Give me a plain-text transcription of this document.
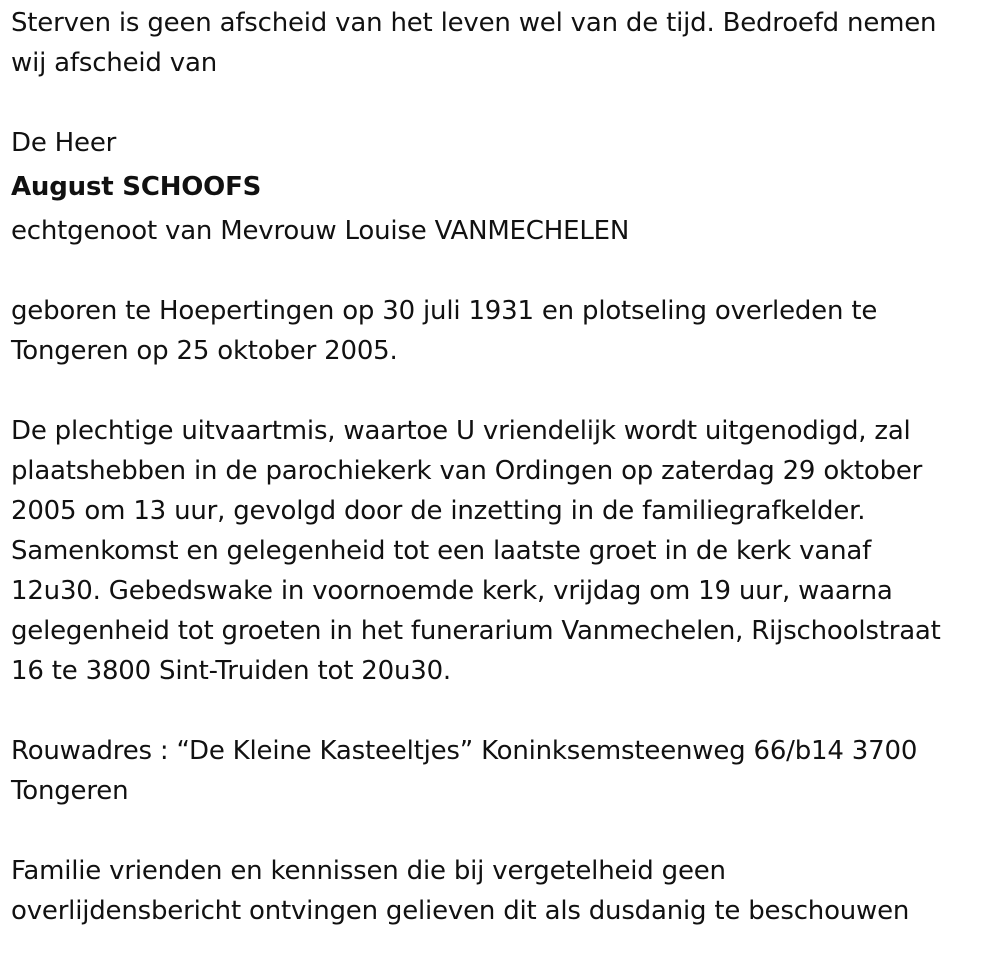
Sterven is geen afscheid van het leven wel van de tijd. Bedroefd nemen

wij afscheid van

De Heer

August SCHOOFS

echtgenoot van Mevrouw Louise VANMECHELEN

geboren te Hoepertingen op 30 juli 1931 en plotseling overleden te

Tongeren op 25 oktober 2005.

De plechtige uitvaartmis, waartoe U vriendelijk wordt uitgenodigd, zal

plaatshebben in de parochiekerk van Ordingen op zaterdag 29 oktober

2005 om 13 uur, gevolgd door de inzetting in de familiegrafkelder.

Samenkomst en gelegenheid tot een laatste groet in de kerk vanaf

12u30. Gebedswake in voornoemde kerk, vrijdag om 19 uur, waarna

gelegenheid tot groeten in het funerarium Vanmechelen, Rijschoolstraat

16 te 3800 Sint-Truiden tot 20u30.

Rouwadres : “De Kleine Kasteeltjes” Koninksemsteenweg 66/b14 3700

Tongeren

Familie vrienden en kennissen die bij vergetelheid geen

overlijdensbericht ontvingen gelieven dit als dusdanig te beschouwen
